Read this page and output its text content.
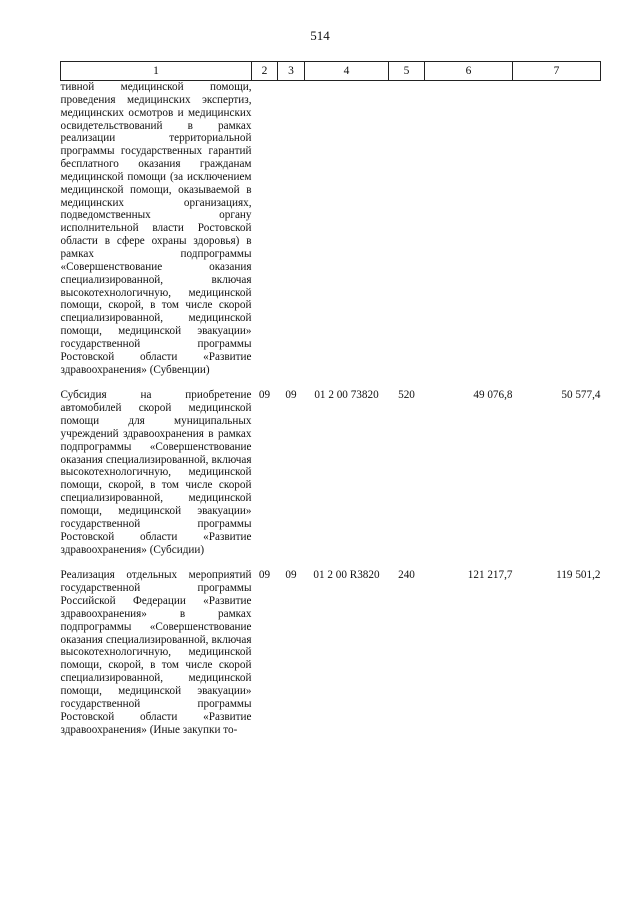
514
1	2	3	4	5	6	7
тивной медицинской помощи, проведения медицинских экспертиз, медицинских осмотров и медицинских освидетельствований в рамках реализации территориальной программы государственных гарантий бесплатного оказания гражданам медицинской помощи (за исключением медицинской помощи, оказываемой в медицинских организациях, подведомственных органу исполнительной власти Ростовской области в сфере охраны здоровья) в рамках подпрограммы «Совершенствование оказания специализированной, включая высокотехнологичную, медицинской помощи, скорой, в том числе скорой специализированной, медицинской помощи, медицинской эвакуации» государственной программы Ростовской области «Развитие здравоохранения» (Субвенции)						
Субсидия на приобретение автомобилей скорой медицинской помощи для муниципальных учреждений здравоохранения в рамках подпрограммы «Совершенствование оказания специализированной, включая высокотехнологичную, медицинской помощи, скорой, в том числе скорой специализированной, медицинской помощи, медицинской эвакуации» государственной программы Ростовской области «Развитие здравоохранения» (Субсидии)	09	09	01 2 00 73820	520	49 076,8	50 577,4
Реализация отдельных мероприятий государственной программы Российской Федерации «Развитие здравоохранения» в рамках подпрограммы «Совершенствование оказания специализированной, включая высокотехнологичную, медицинской помощи, скорой, в том числе скорой специализированной, медицинской помощи, медицинской эвакуации» государственной программы Ростовской области «Развитие здравоохранения» (Иные закупки то-	09	09	01 2 00 R3820	240	121 217,7	119 501,2
